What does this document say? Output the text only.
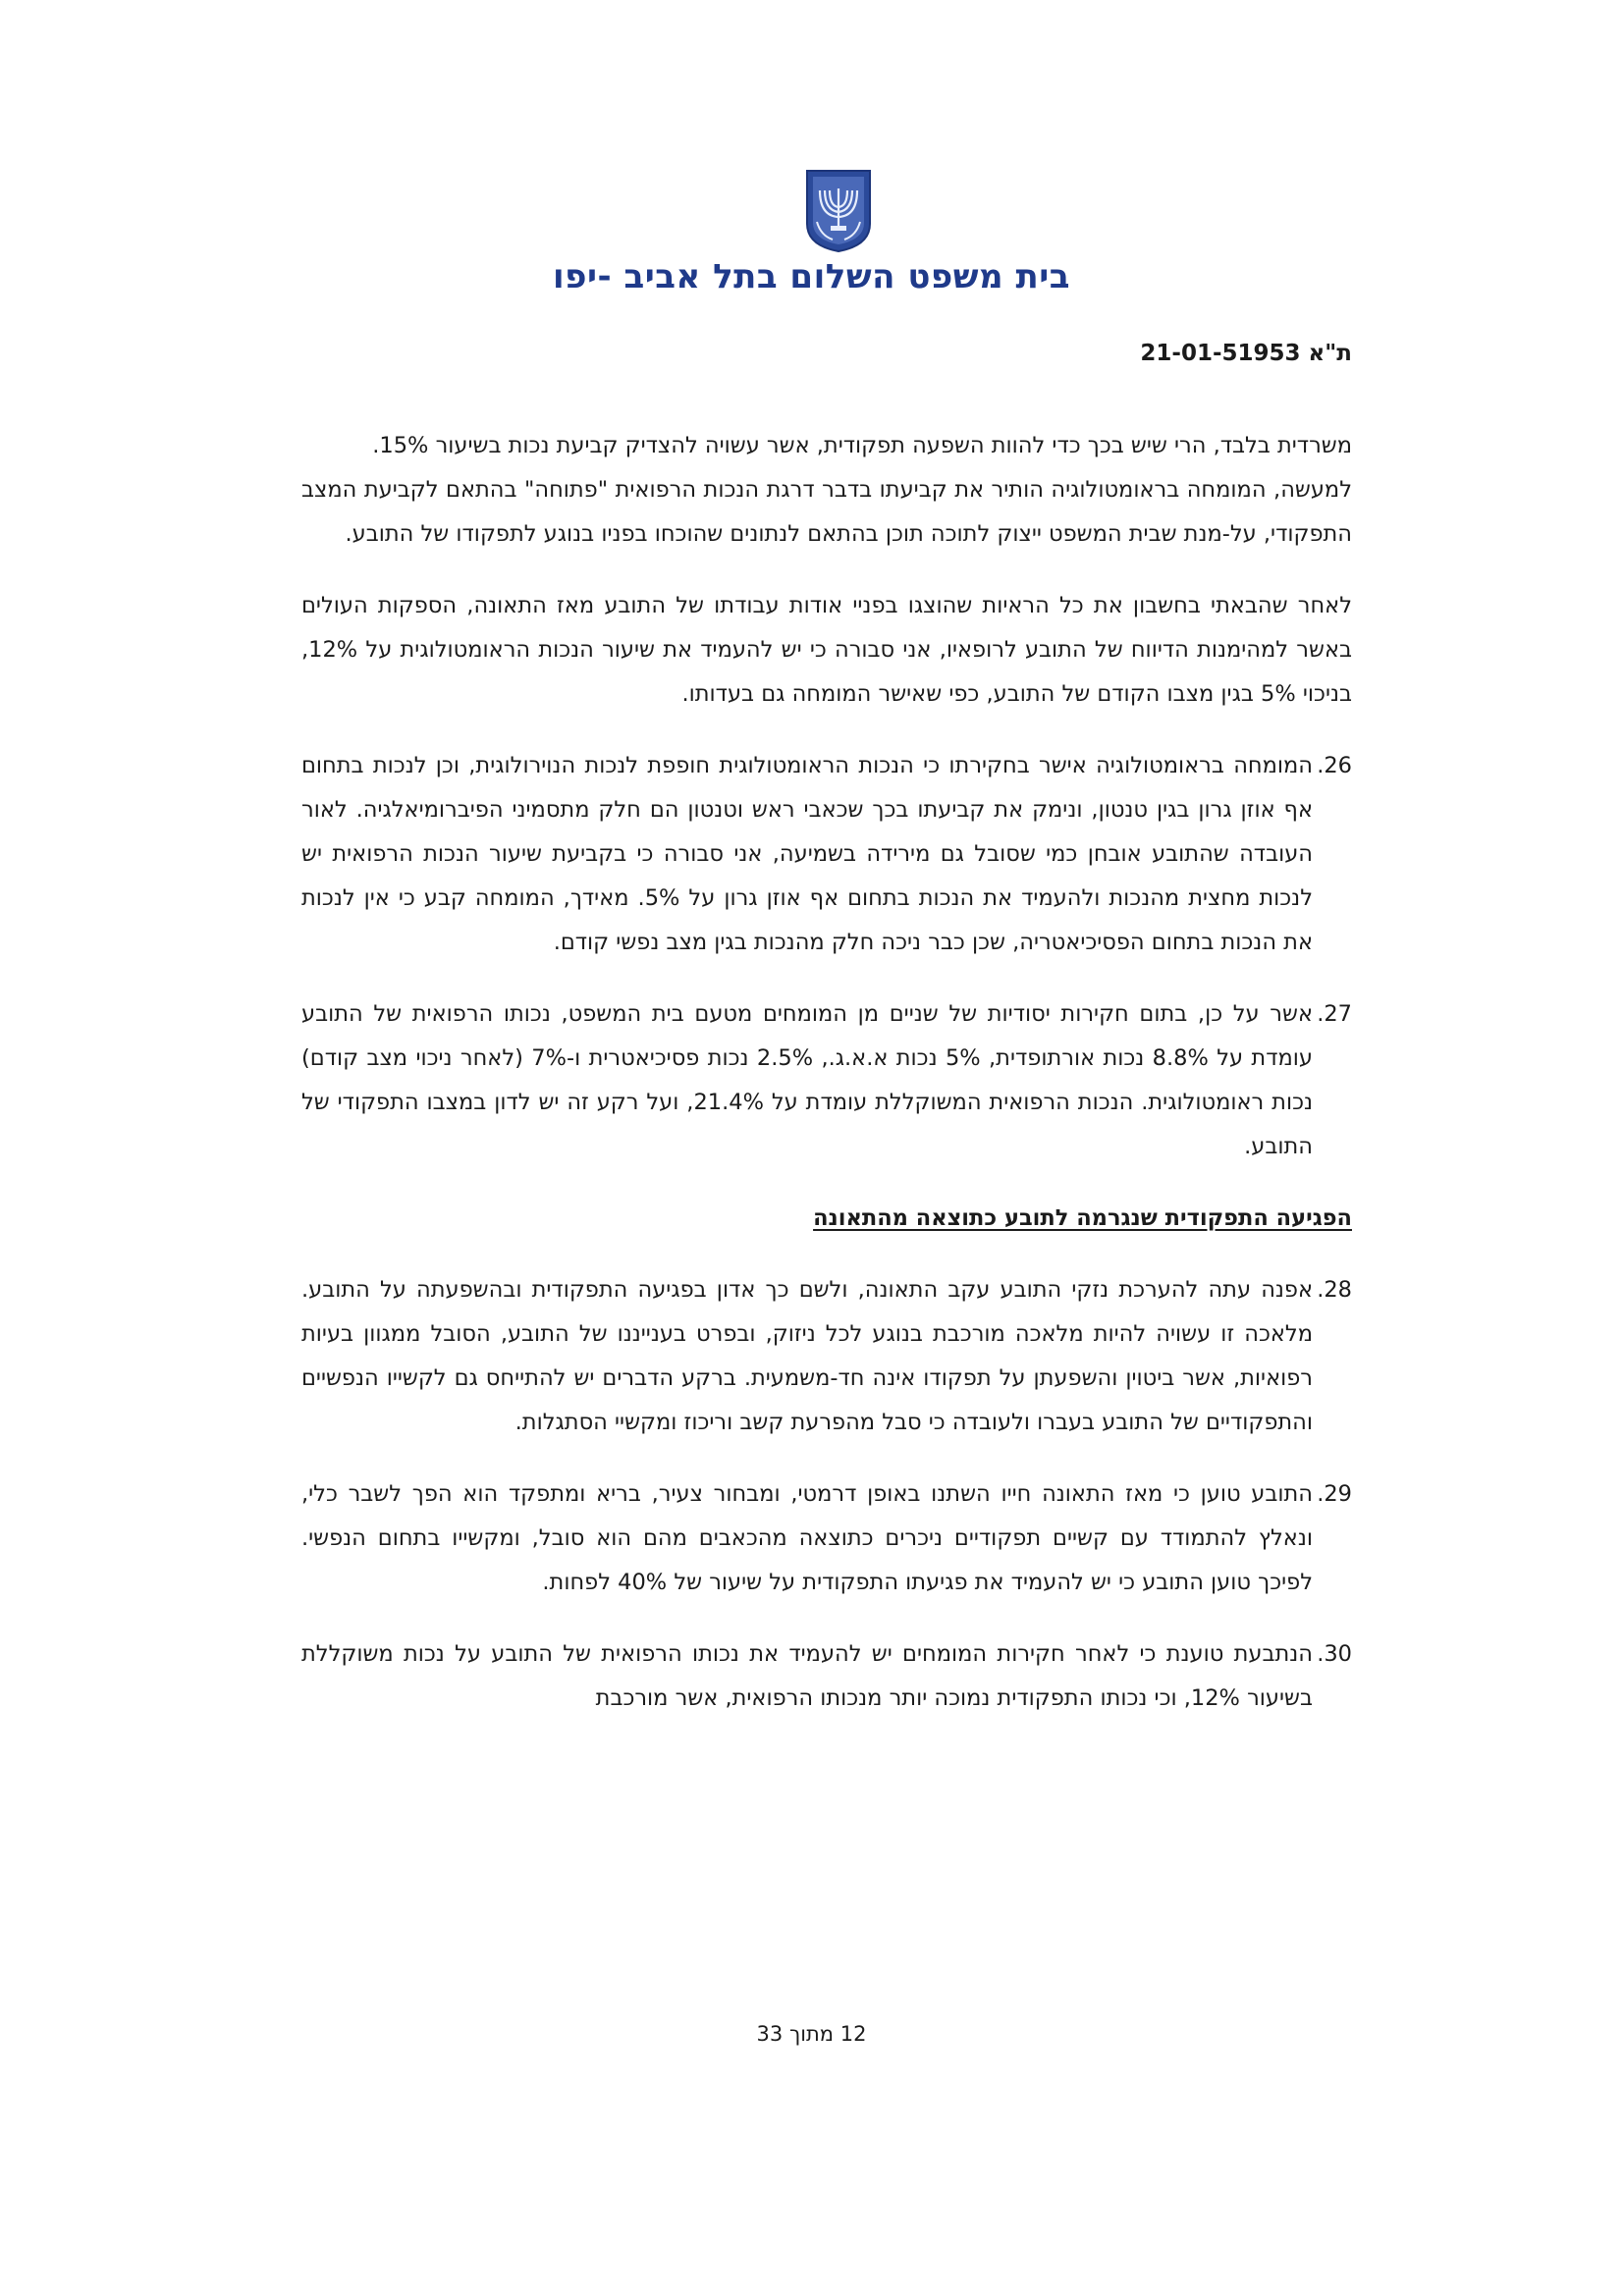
בית משפט השלום בתל אביב -יפו
ת"א 21-01-51953

משרדית בלבד, הרי שיש בכך כדי להוות השפעה תפקודית, אשר עשויה להצדיק קביעת נכות בשיעור 15%.

למעשה, המומחה בראומטולוגיה הותיר את קביעתו בדבר דרגת הנכות הרפואית "פתוחה" בהתאם לקביעת המצב התפקודי, על-מנת שבית המשפט ייצוק לתוכה תוכן בהתאם לנתונים שהוכחו בפניו בנוגע לתפקודו של התובע.

לאחר שהבאתי בחשבון את כל הראיות שהוצגו בפניי אודות עבודתו של התובע מאז התאונה, הספקות העולים באשר למהימנות הדיווח של התובע לרופאיו, אני סבורה כי יש להעמיד את שיעור הנכות הראומטולוגית על 12%, בניכוי 5% בגין מצבו הקודם של התובע, כפי שאישר המומחה גם בעדותו.

26.

המומחה בראומטולוגיה אישר בחקירתו כי הנכות הראומטולוגית חופפת לנכות הנוירולוגית, וכן לנכות בתחום אף אוזן גרון בגין טנטון, ונימק את קביעתו בכך שכאבי ראש וטנטון הם חלק מתסמיני הפיברומיאלגיה. לאור העובדה שהתובע אובחן כמי שסובל גם מירידה בשמיעה, אני סבורה כי בקביעת שיעור הנכות הרפואית יש לנכות מחצית מהנכות ולהעמיד את הנכות בתחום אף אוזן גרון על 5%. מאידך, המומחה קבע כי אין לנכות את הנכות בתחום הפסיכיאטריה, שכן כבר ניכה חלק מהנכות בגין מצב נפשי קודם.

27.

אשר על כן, בתום חקירות יסודיות של שניים מן המומחים מטעם בית המשפט, נכותו הרפואית של התובע עומדת על 8.8% נכות אורתופדית, 5% נכות א.א.ג., 2.5% נכות פסיכיאטרית ו-7% (לאחר ניכוי מצב קודם) נכות ראומטולוגית. הנכות הרפואית המשוקללת עומדת על 21.4%, ועל רקע זה יש לדון במצבו התפקודי של התובע.

הפגיעה התפקודית שנגרמה לתובע כתוצאה מהתאונה

28.

אפנה עתה להערכת נזקי התובע עקב התאונה, ולשם כך אדון בפגיעה התפקודית ובהשפעתה על התובע. מלאכה זו עשויה להיות מלאכה מורכבת בנוגע לכל ניזוק, ובפרט בענייננו של התובע, הסובל ממגוון בעיות רפואיות, אשר ביטוין והשפעתן על תפקודו אינה חד-משמעית. ברקע הדברים יש להתייחס גם לקשייו הנפשיים והתפקודיים של התובע בעברו ולעובדה כי סבל מהפרעת קשב וריכוז ומקשיי הסתגלות.

29.

התובע טוען כי מאז התאונה חייו השתנו באופן דרמטי, ומבחור צעיר, בריא ומתפקד הוא הפך לשבר כלי, ונאלץ להתמודד עם קשיים תפקודיים ניכרים כתוצאה מהכאבים מהם הוא סובל, ומקשייו בתחום הנפשי. לפיכך טוען התובע כי יש להעמיד את פגיעתו התפקודית על שיעור של 40% לפחות.

30.

הנתבעת טוענת כי לאחר חקירות המומחים יש להעמיד את נכותו הרפואית של התובע על נכות משוקללת בשיעור 12%, וכי נכותו התפקודית נמוכה יותר מנכותו הרפואית, אשר מורכבת

12 מתוך 33
